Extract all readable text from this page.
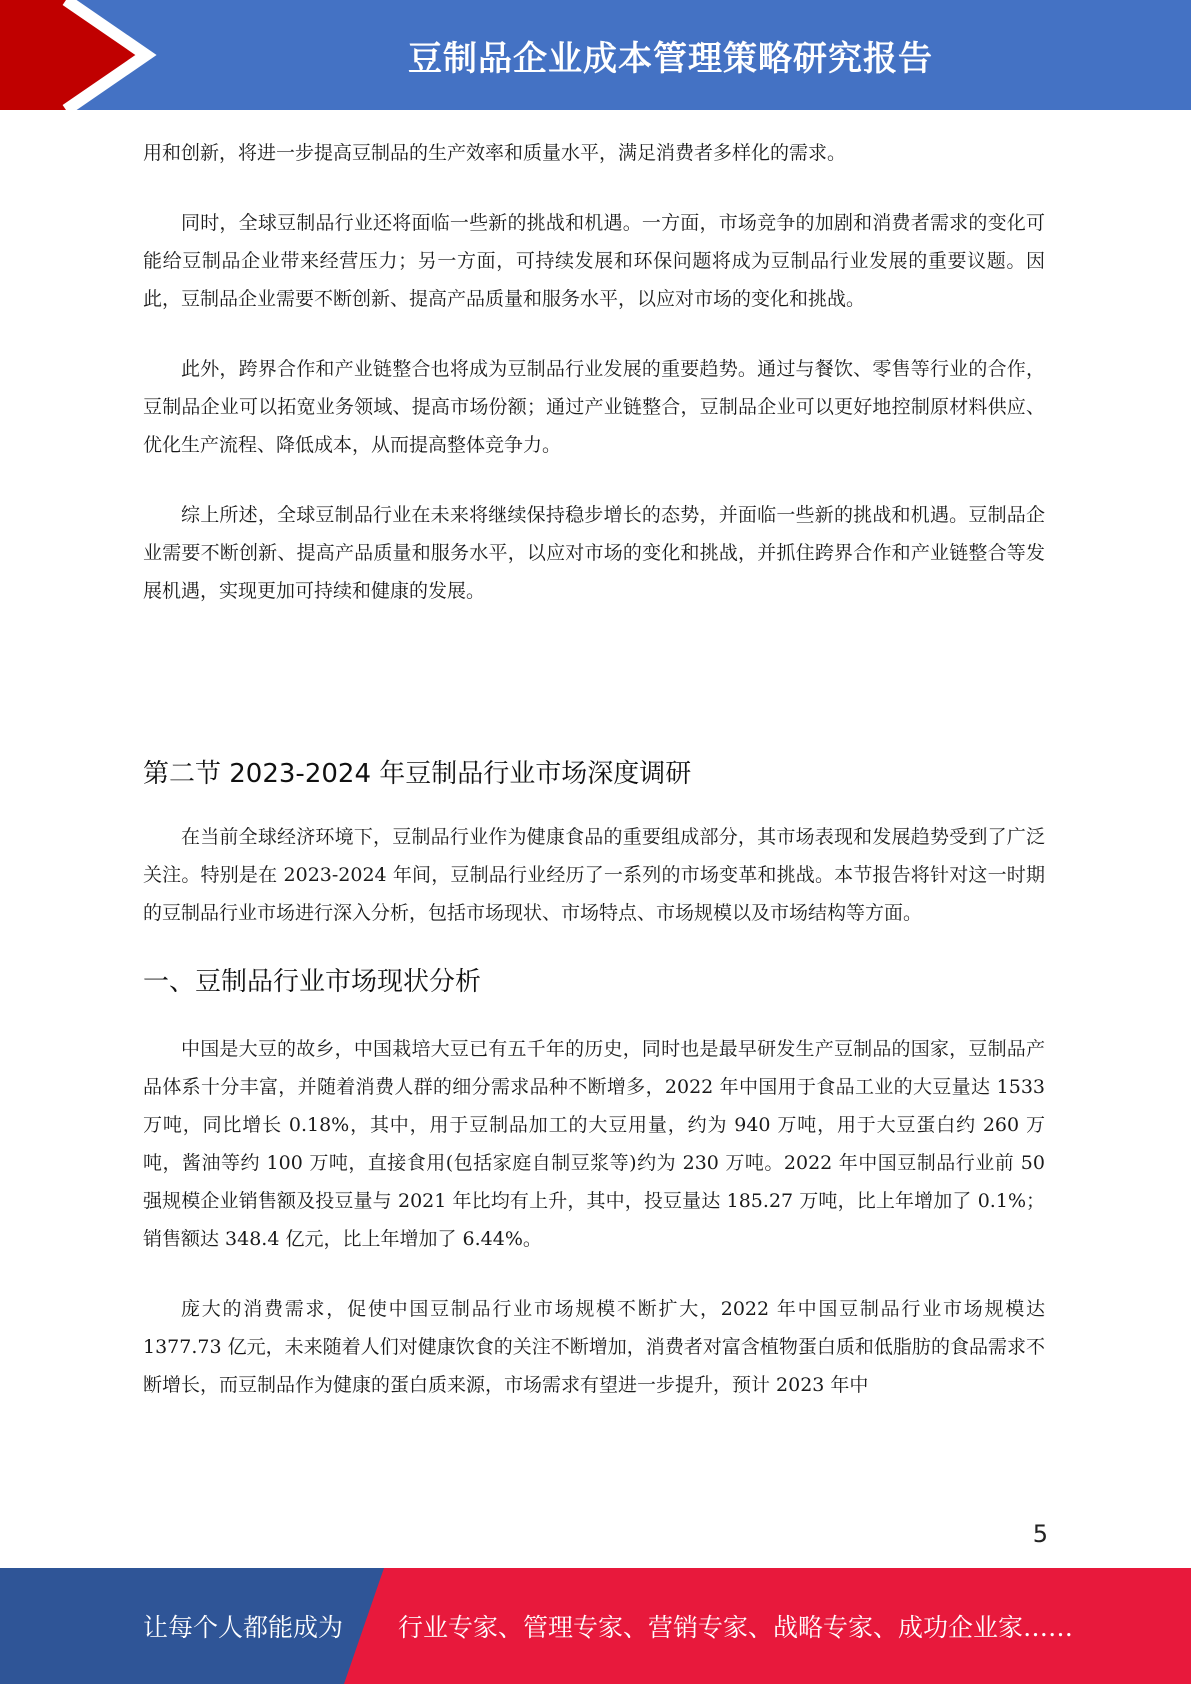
豆制品企业成本管理策略研究报告

用和创新，将进一步提高豆制品的生产效率和质量水平，满足消费者多样化的需求。

同时，全球豆制品行业还将面临一些新的挑战和机遇。一方面，市场竞争的加剧和消费者需求的变化可能给豆制品企业带来经营压力；另一方面，可持续发展和环保问题将成为豆制品行业发展的重要议题。因此，豆制品企业需要不断创新、提高产品质量和服务水平，以应对市场的变化和挑战。

此外，跨界合作和产业链整合也将成为豆制品行业发展的重要趋势。通过与餐饮、零售等行业的合作，豆制品企业可以拓宽业务领域、提高市场份额；通过产业链整合，豆制品企业可以更好地控制原材料供应、优化生产流程、降低成本，从而提高整体竞争力。

综上所述，全球豆制品行业在未来将继续保持稳步增长的态势，并面临一些新的挑战和机遇。豆制品企业需要不断创新、提高产品质量和服务水平，以应对市场的变化和挑战，并抓住跨界合作和产业链整合等发展机遇，实现更加可持续和健康的发展。

第二节 2023-2024 年豆制品行业市场深度调研

在当前全球经济环境下，豆制品行业作为健康食品的重要组成部分，其市场表现和发展趋势受到了广泛关注。特别是在 2023-2024 年间，豆制品行业经历了一系列的市场变革和挑战。本节报告将针对这一时期的豆制品行业市场进行深入分析，包括市场现状、市场特点、市场规模以及市场结构等方面。

一、豆制品行业市场现状分析

中国是大豆的故乡，中国栽培大豆已有五千年的历史，同时也是最早研发生产豆制品的国家，豆制品产品体系十分丰富，并随着消费人群的细分需求品种不断增多，2022 年中国用于食品工业的大豆量达 1533 万吨，同比增长 0.18%，其中，用于豆制品加工的大豆用量，约为 940 万吨，用于大豆蛋白约 260 万吨，酱油等约 100 万吨，直接食用(包括家庭自制豆浆等)约为 230 万吨。2022 年中国豆制品行业前 50 强规模企业销售额及投豆量与 2021 年比均有上升，其中，投豆量达 185.27 万吨，比上年增加了 0.1%；销售额达 348.4 亿元，比上年增加了 6.44%。

庞大的消费需求，促使中国豆制品行业市场规模不断扩大，2022 年中国豆制品行业市场规模达 1377.73 亿元，未来随着人们对健康饮食的关注不断增加，消费者对富含植物蛋白质和低脂肪的食品需求不断增长，而豆制品作为健康的蛋白质来源，市场需求有望进一步提升，预计 2023 年中

5
让每个人都能成为 行业专家、管理专家、营销专家、战略专家、成功企业家……
